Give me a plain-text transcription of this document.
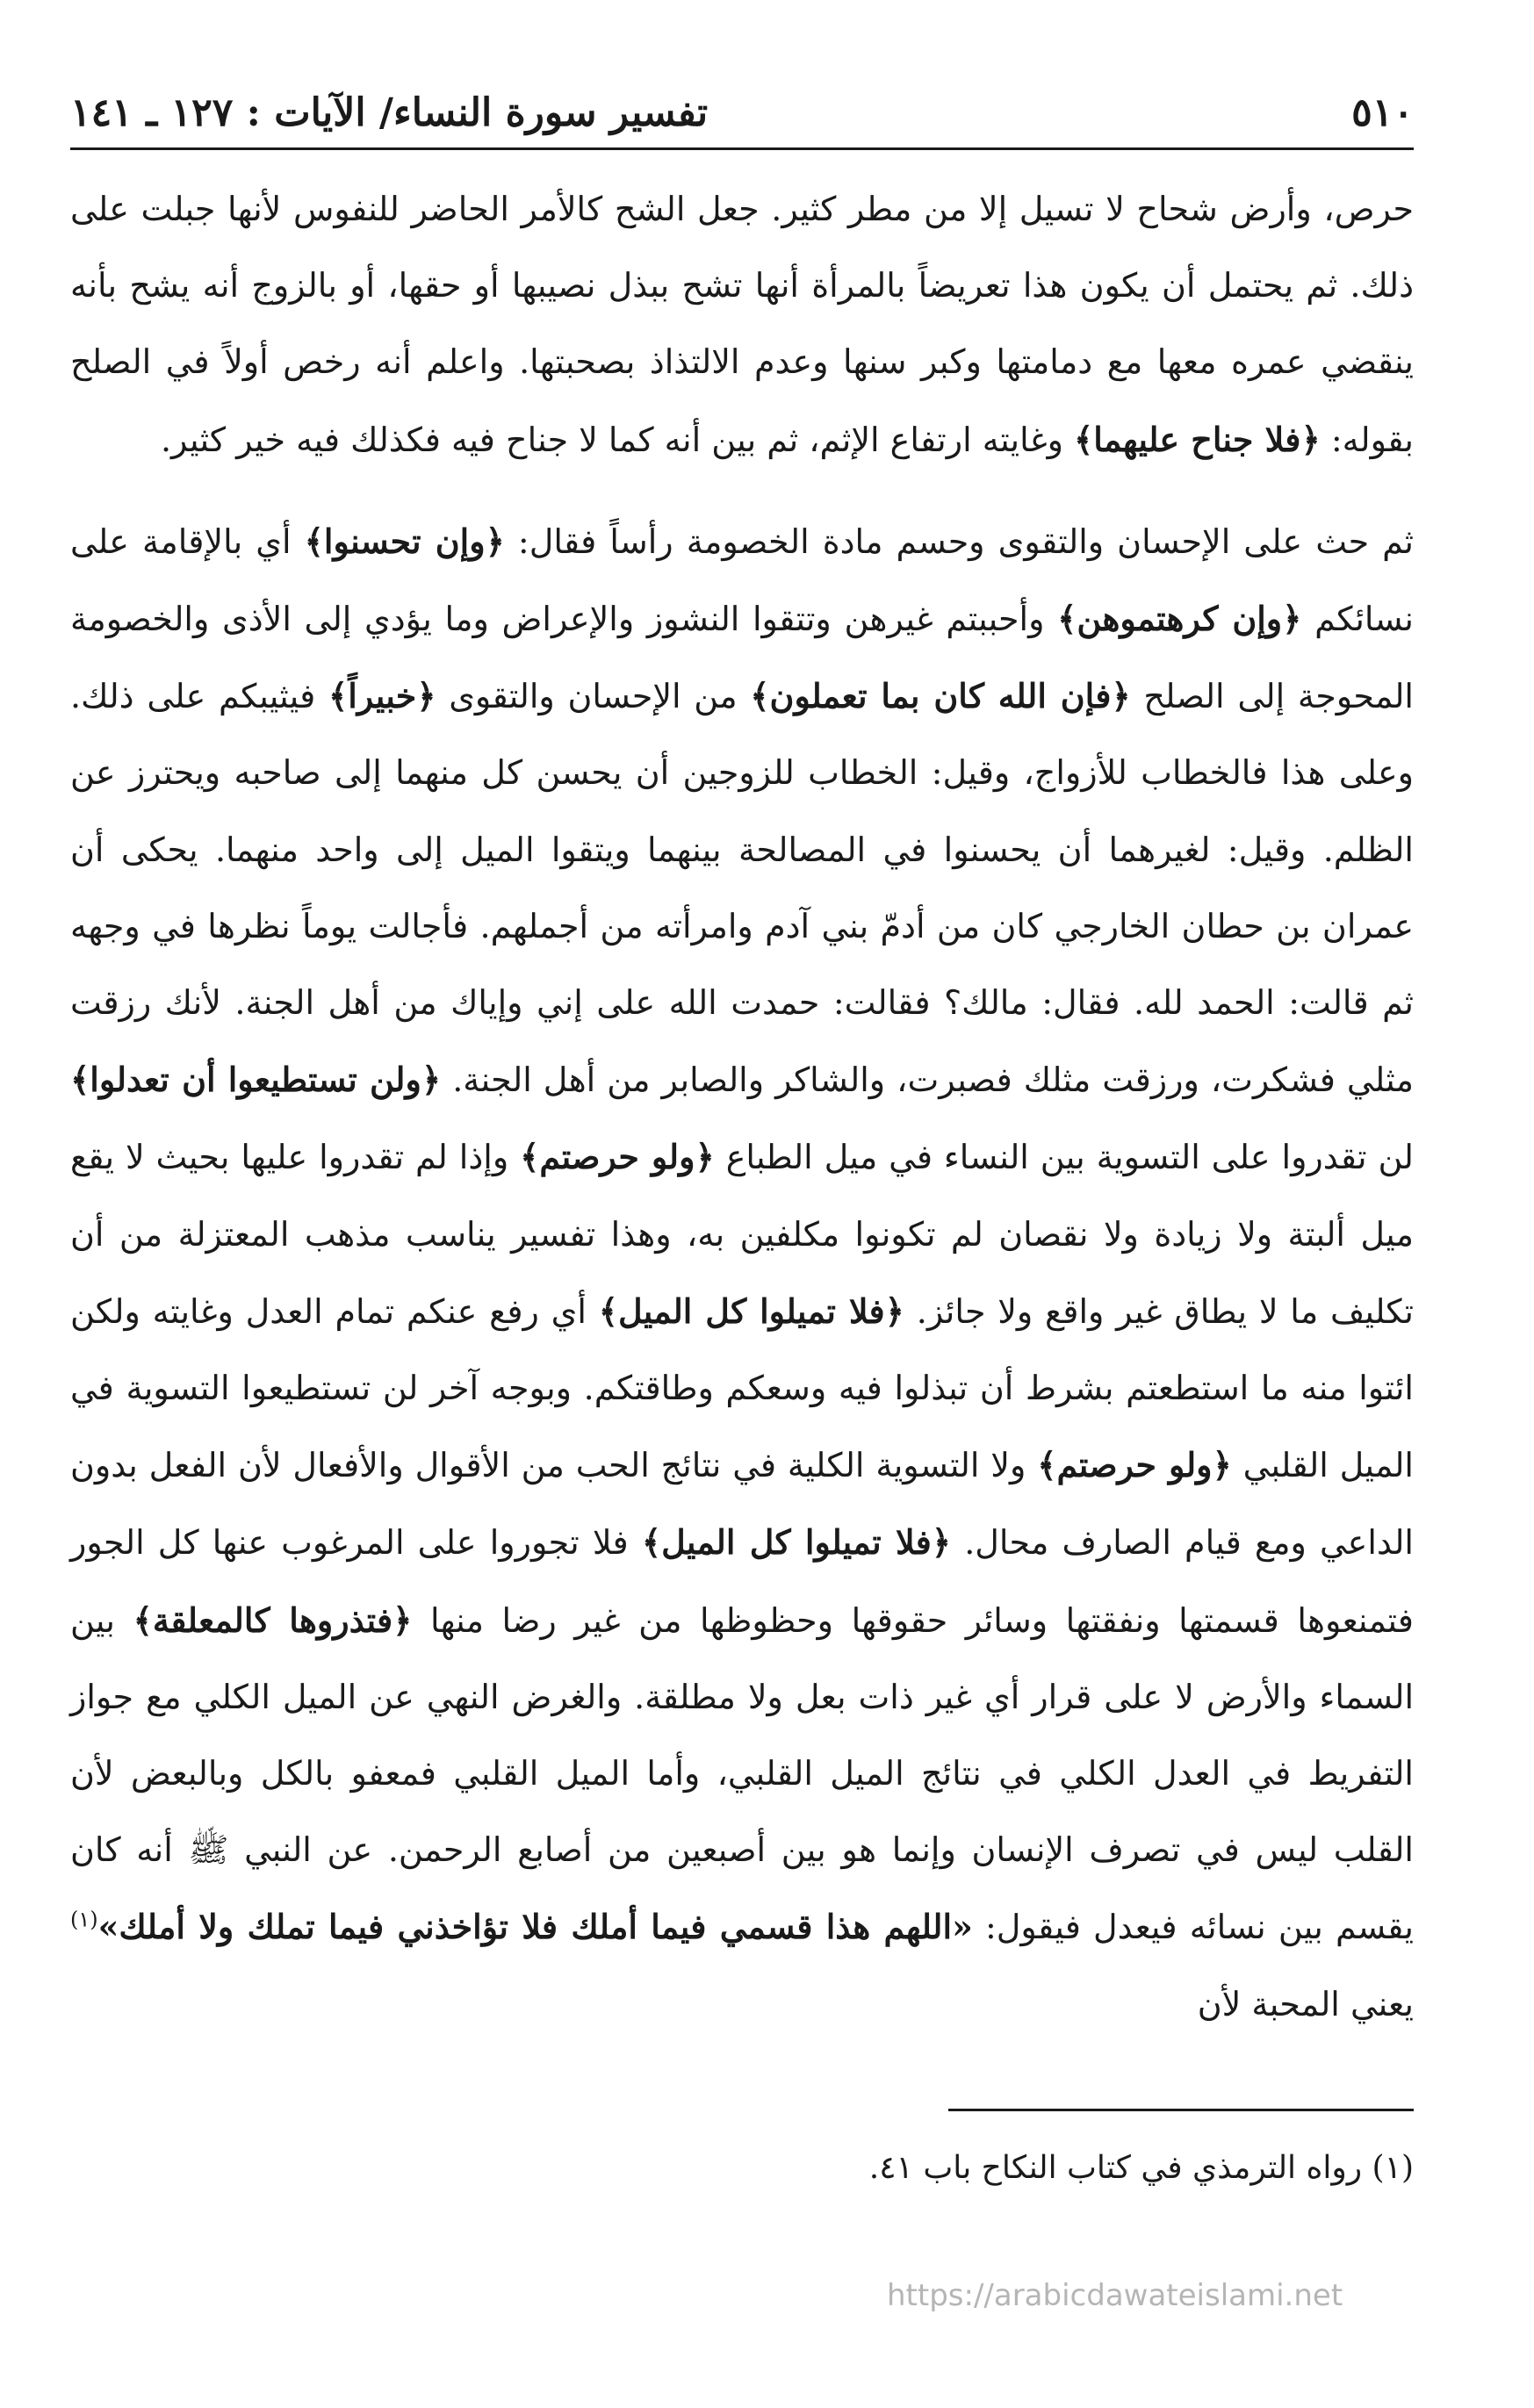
٥١٠
تفسير سورة النساء/ الآيات : ١٢٧ ـ ١٤١

حرص، وأرض شحاح لا تسيل إلا من مطر كثير. جعل الشح كالأمر الحاضر للنفوس لأنها جبلت على ذلك. ثم يحتمل أن يكون هذا تعريضاً بالمرأة أنها تشح ببذل نصيبها أو حقها، أو بالزوج أنه يشح بأنه ينقضي عمره معها مع دمامتها وكبر سنها وعدم الالتذاذ بصحبتها. واعلم أنه رخص أولاً في الصلح بقوله: ﴿فلا جناح عليهما﴾ وغايته ارتفاع الإثم، ثم بين أنه كما لا جناح فيه فكذلك فيه خير كثير.

ثم حث على الإحسان والتقوى وحسم مادة الخصومة رأساً فقال: ﴿وإن تحسنوا﴾ أي بالإقامة على نسائكم ﴿وإن كرهتموهن﴾ وأحببتم غيرهن وتتقوا النشوز والإعراض وما يؤدي إلى الأذى والخصومة المحوجة إلى الصلح ﴿فإن الله كان بما تعملون﴾ من الإحسان والتقوى ﴿خبيراً﴾ فيثيبكم على ذلك. وعلى هذا فالخطاب للأزواج، وقيل: الخطاب للزوجين أن يحسن كل منهما إلى صاحبه ويحترز عن الظلم. وقيل: لغيرهما أن يحسنوا في المصالحة بينهما ويتقوا الميل إلى واحد منهما. يحكى أن عمران بن حطان الخارجي كان من أدمّ بني آدم وامرأته من أجملهم. فأجالت يوماً نظرها في وجهه ثم قالت: الحمد لله. فقال: مالك؟ فقالت: حمدت الله على إني وإياك من أهل الجنة. لأنك رزقت مثلي فشكرت، ورزقت مثلك فصبرت، والشاكر والصابر من أهل الجنة. ﴿ولن تستطيعوا أن تعدلوا﴾ لن تقدروا على التسوية بين النساء في ميل الطباع ﴿ولو حرصتم﴾ وإذا لم تقدروا عليها بحيث لا يقع ميل ألبتة ولا زيادة ولا نقصان لم تكونوا مكلفين به، وهذا تفسير يناسب مذهب المعتزلة من أن تكليف ما لا يطاق غير واقع ولا جائز. ﴿فلا تميلوا كل الميل﴾ أي رفع عنكم تمام العدل وغايته ولكن ائتوا منه ما استطعتم بشرط أن تبذلوا فيه وسعكم وطاقتكم. وبوجه آخر لن تستطيعوا التسوية في الميل القلبي ﴿ولو حرصتم﴾ ولا التسوية الكلية في نتائج الحب من الأقوال والأفعال لأن الفعل بدون الداعي ومع قيام الصارف محال. ﴿فلا تميلوا كل الميل﴾ فلا تجوروا على المرغوب عنها كل الجور فتمنعوها قسمتها ونفقتها وسائر حقوقها وحظوظها من غير رضا منها ﴿فتذروها كالمعلقة﴾ بين السماء والأرض لا على قرار أي غير ذات بعل ولا مطلقة. والغرض النهي عن الميل الكلي مع جواز التفريط في العدل الكلي في نتائج الميل القلبي، وأما الميل القلبي فمعفو بالكل وبالبعض لأن القلب ليس في تصرف الإنسان وإنما هو بين أصبعين من أصابع الرحمن. عن النبي ﷺ أنه كان يقسم بين نسائه فيعدل فيقول: «اللهم هذا قسمي فيما أملك فلا تؤاخذني فيما تملك ولا أملك»$^{(١)}$ يعني المحبة لأن

(١) رواه الترمذي في كتاب النكاح باب ٤١.
https://arabicdawateislami.net
